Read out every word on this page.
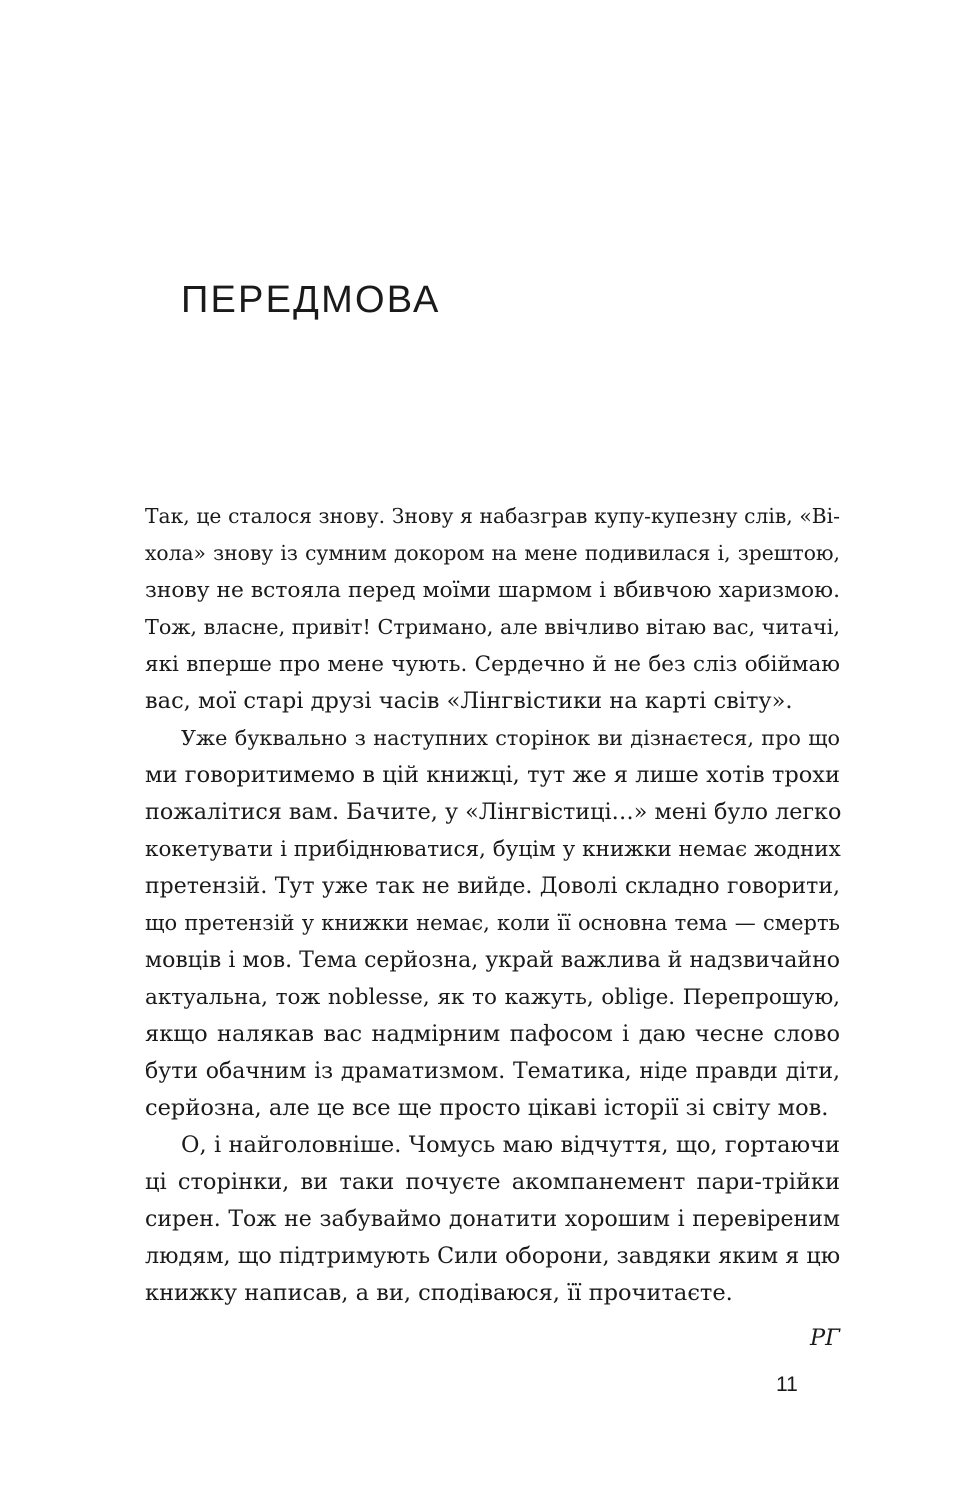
ПЕРЕДМОВА

Так, це сталося знову. Знову я набазграв купу-купезну слів, «Ві-

хола» знову із сумним докором на мене подивилася і, зрештою,

знову не встояла перед моїми шармом і вбивчою харизмою.

Тож, власне, привіт! Стримано, але ввічливо вітаю вас, читачі,

які вперше про мене чують. Сердечно й не без сліз обіймаю

вас, мої старі друзі часів «Лінгвістики на карті світу».

Уже буквально з наступних сторінок ви дізнаєтеся, про що

ми говоритимемо в цій книжці, тут же я лише хотів трохи

пожалітися вам. Бачите, у «Лінгвістиці…» мені було легко

кокетувати і прибіднюватися, буцім у книжки немає жодних

претензій. Тут уже так не вийде. Доволі складно говорити,

що претензій у книжки немає, коли її основна тема — смерть

мовців і мов. Тема серйозна, украй важлива й надзвичайно

актуальна, тож noblesse, як то кажуть, oblige. Перепрошую,

якщо налякав вас надмірним пафосом і даю чесне слово

бути обачним із драматизмом. Тематика, ніде правди діти,

серйозна, але це все ще просто цікаві історії зі світу мов.

О, і найголовніше. Чомусь маю відчуття, що, гортаючи

ці сторінки, ви таки почуєте акомпанемент пари-трійки

сирен. Тож не забуваймо донатити хорошим і перевіреним

людям, що підтримують Сили оборони, завдяки яким я цю

книжку написав, а ви, сподіваюся, її прочитаєте.

РГ

11
